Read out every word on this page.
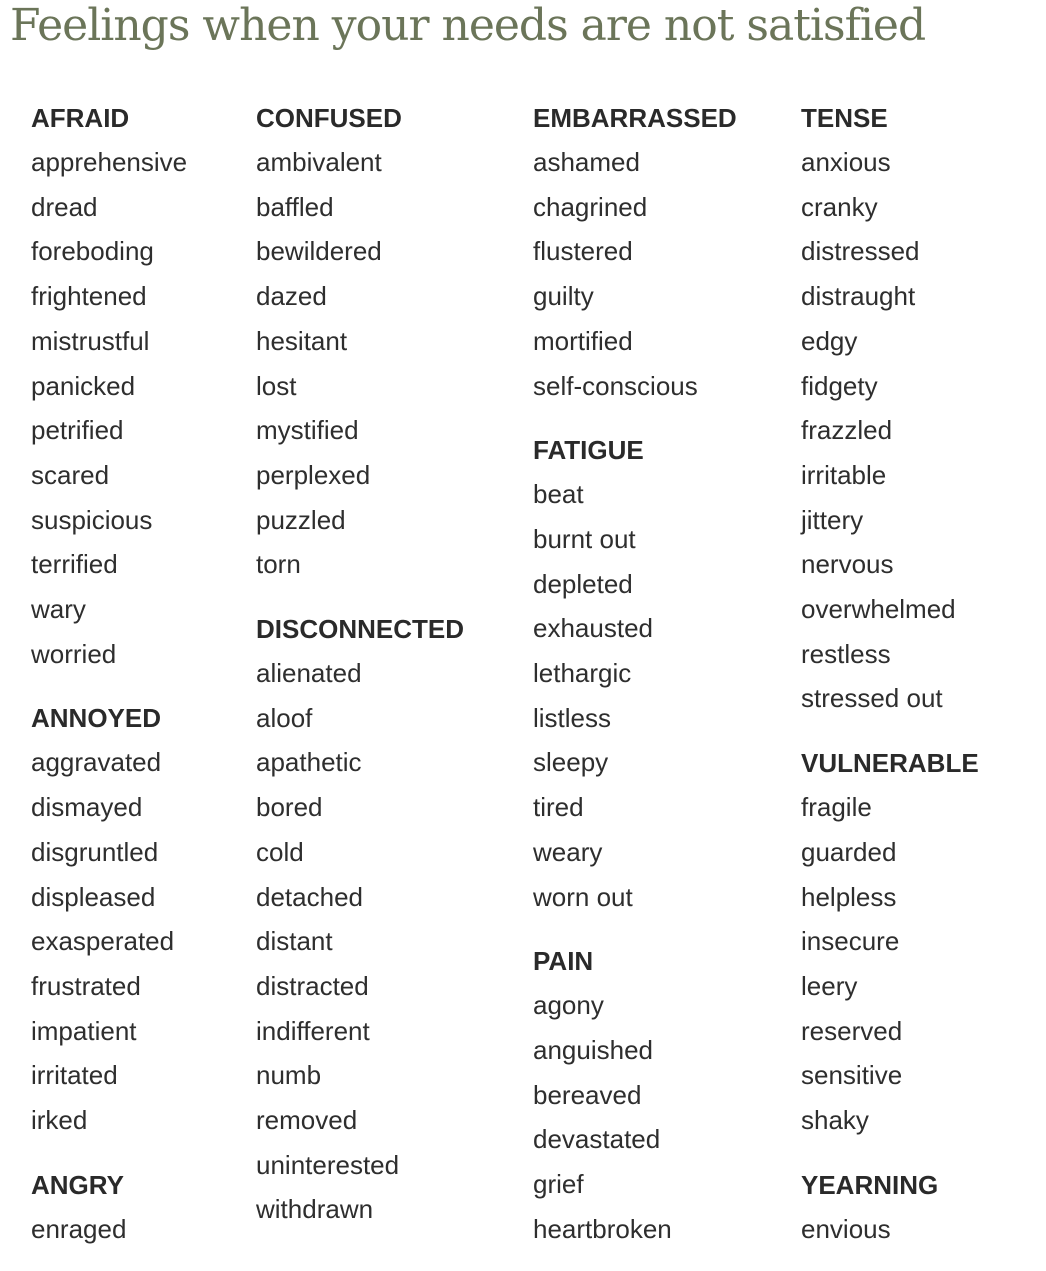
Feelings when your needs are not satisfied
AFRAID
apprehensive
dread
foreboding
frightened
mistrustful
panicked
petrified
scared
suspicious
terrified
wary
worried
ANNOYED
aggravated
dismayed
disgruntled
displeased
exasperated
frustrated
impatient
irritated
irked
ANGRY
enraged
CONFUSED
ambivalent
baffled
bewildered
dazed
hesitant
lost
mystified
perplexed
puzzled
torn
DISCONNECTED
alienated
aloof
apathetic
bored
cold
detached
distant
distracted
indifferent
numb
removed
uninterested
withdrawn
EMBARRASSED
ashamed
chagrined
flustered
guilty
mortified
self-conscious
FATIGUE
beat
burnt out
depleted
exhausted
lethargic
listless
sleepy
tired
weary
worn out
PAIN
agony
anguished
bereaved
devastated
grief
heartbroken
TENSE
anxious
cranky
distressed
distraught
edgy
fidgety
frazzled
irritable
jittery
nervous
overwhelmed
restless
stressed out
VULNERABLE
fragile
guarded
helpless
insecure
leery
reserved
sensitive
shaky
YEARNING
envious
